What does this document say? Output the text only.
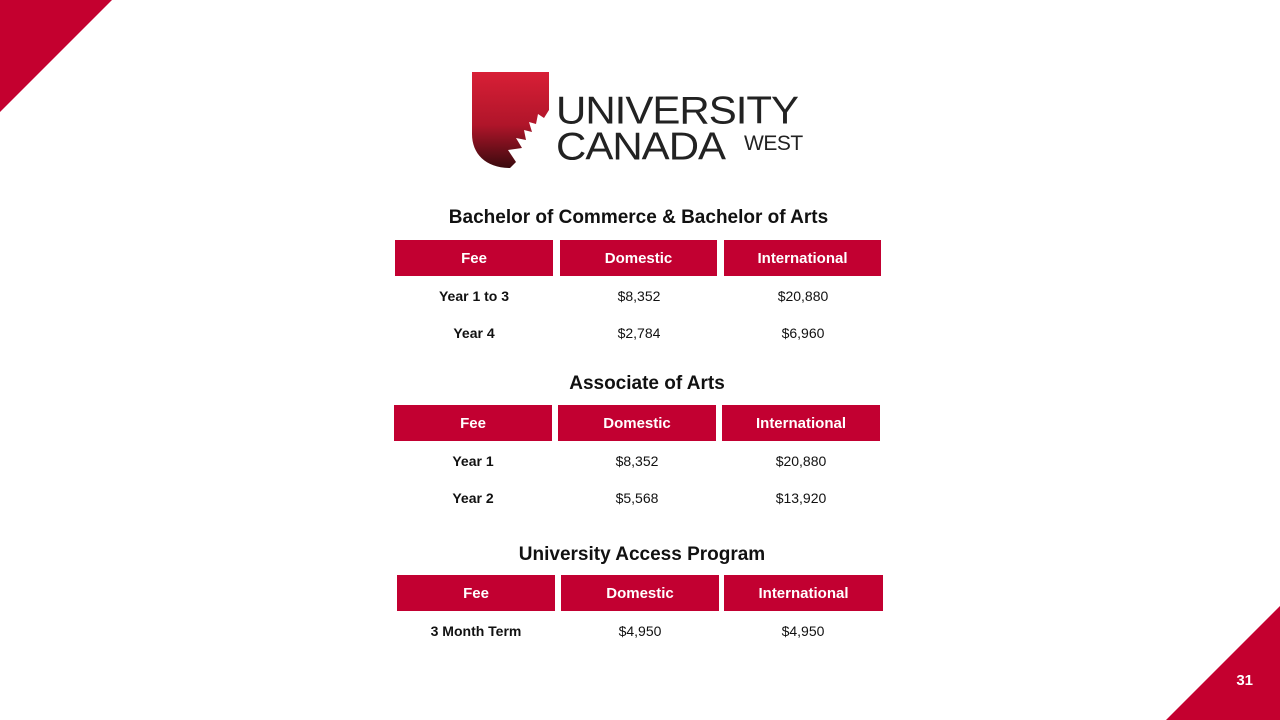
31
UNIVERSITY
CANADA WEST
Bachelor of Commerce & Bachelor of Arts
Fee	Domestic	International
Year 1 to 3	$8,352	$20,880
Year 4	$2,784	$6,960
Associate of Arts
Fee	Domestic	International
Year 1	$8,352	$20,880
Year 2	$5,568	$13,920
University Access Program
Fee	Domestic	International
3 Month Term	$4,950	$4,950
